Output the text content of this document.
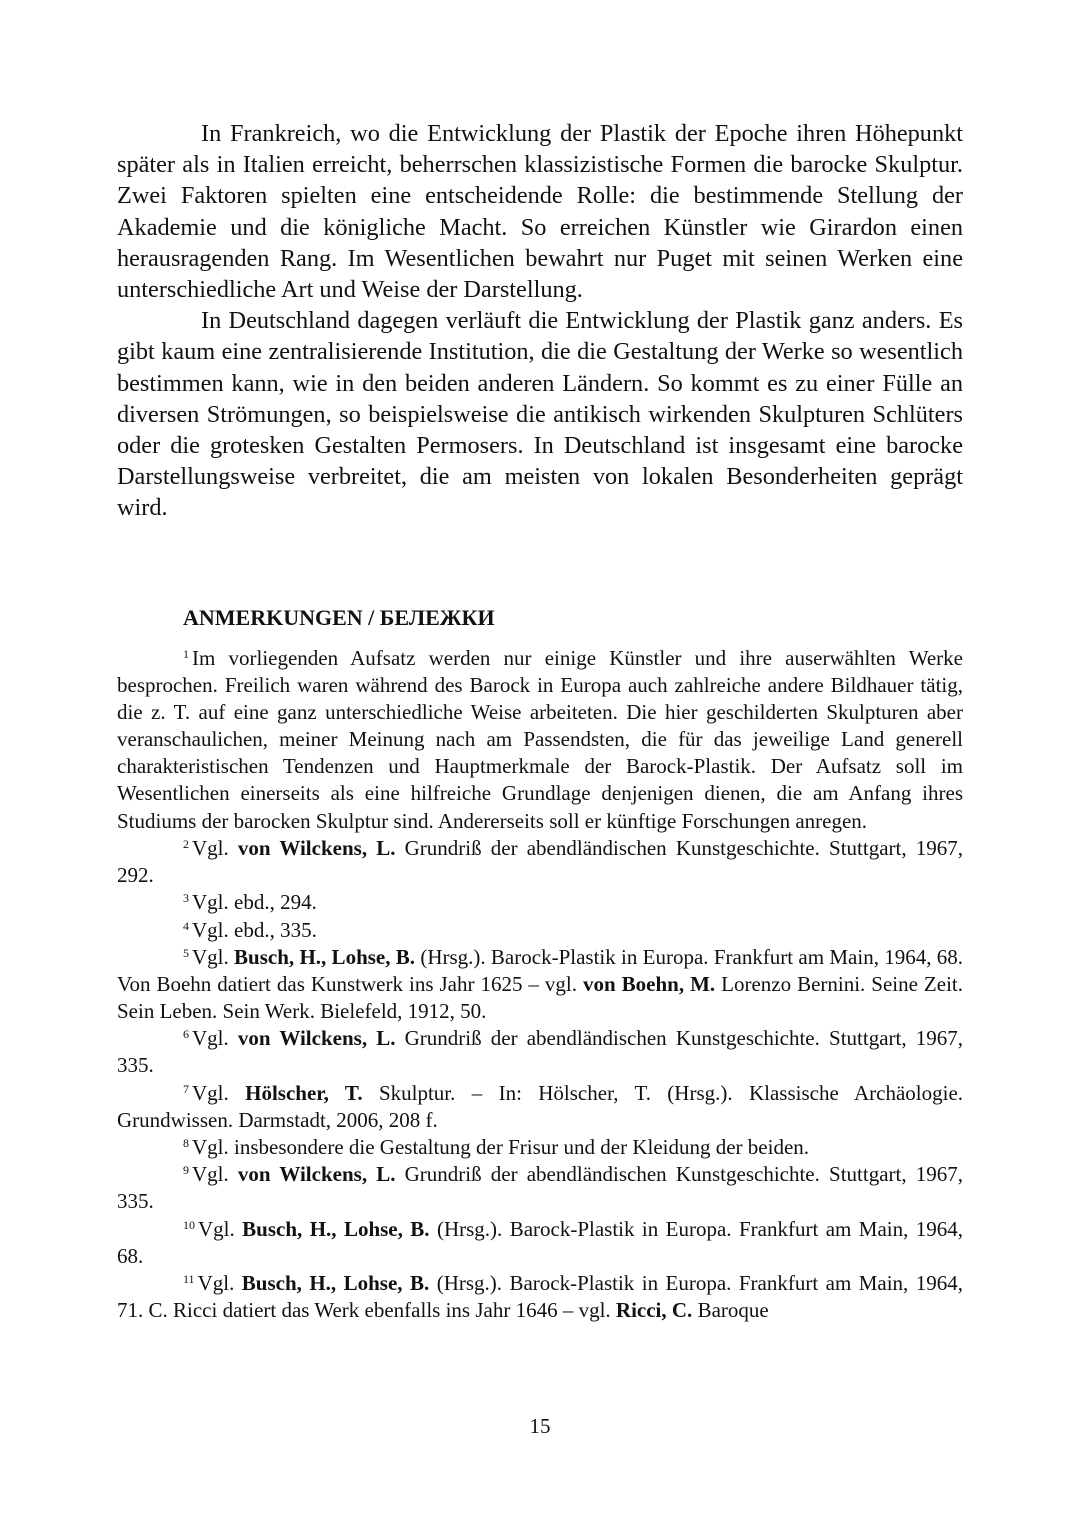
In Frankreich, wo die Entwicklung der Plastik der Epoche ihren Höhepunkt später als in Italien erreicht, beherrschen klassizistische Formen die barocke Skulptur. Zwei Faktoren spielten eine entscheidende Rolle: die bestimmende Stellung der Akademie und die königliche Macht. So erreichen Künstler wie Girardon einen herausragenden Rang. Im Wesentlichen bewahrt nur Puget mit seinen Werken eine unterschiedliche Art und Weise der Darstellung.

In Deutschland dagegen verläuft die Entwicklung der Plastik ganz anders. Es gibt kaum eine zentralisierende Institution, die die Gestaltung der Werke so wesentlich bestimmen kann, wie in den beiden anderen Ländern. So kommt es zu einer Fülle an diversen Strömungen, so beispielsweise die antikisch wirkenden Skulpturen Schlüters oder die grotesken Gestalten Permosers. In Deutschland ist insgesamt eine barocke Darstellungsweise verbreitet, die am meisten von lokalen Besonderheiten geprägt wird.

ANMERKUNGEN / БЕЛЕЖКИ

$^1$ Im vorliegenden Aufsatz werden nur einige Künstler und ihre auserwählten Werke besprochen. Freilich waren während des Barock in Europa auch zahlreiche andere Bildhauer tätig, die z. T. auf eine ganz unterschiedliche Weise arbeiteten. Die hier geschilderten Skulpturen aber veranschaulichen, meiner Meinung nach am Passendsten, die für das jeweilige Land generell charakteristischen Tendenzen und Hauptmerkmale der Barock-Plastik. Der Aufsatz soll im Wesentlichen einerseits als eine hilfreiche Grundlage denjenigen dienen, die am Anfang ihres Studiums der barocken Skulptur sind. Andererseits soll er künftige Forschungen anregen.

$^2$ Vgl. von Wilckens, L. Grundriß der abendländischen Kunstgeschichte. Stuttgart, 1967, 292.

$^3$ Vgl. ebd., 294.

$^4$ Vgl. ebd., 335.

$^5$ Vgl. Busch, H., Lohse, B. (Hrsg.). Barock-Plastik in Europa. Frankfurt am Main, 1964, 68. Von Boehn datiert das Kunstwerk ins Jahr 1625 – vgl. von Boehn, M. Lorenzo Bernini. Seine Zeit. Sein Leben. Sein Werk. Bielefeld, 1912, 50.

$^6$ Vgl. von Wilckens, L. Grundriß der abendländischen Kunstgeschichte. Stuttgart, 1967, 335.

$^7$ Vgl. Hölscher, T. Skulptur. – In: Hölscher, T. (Hrsg.). Klassische Archäologie. Grundwissen. Darmstadt, 2006, 208 f.

$^8$ Vgl. insbesondere die Gestaltung der Frisur und der Kleidung der beiden.

$^9$ Vgl. von Wilckens, L. Grundriß der abendländischen Kunstgeschichte. Stuttgart, 1967, 335.

$^{10}$ Vgl. Busch, H., Lohse, B. (Hrsg.). Barock-Plastik in Europa. Frankfurt am Main, 1964, 68.

$^{11}$ Vgl. Busch, H., Lohse, B. (Hrsg.). Barock-Plastik in Europa. Frankfurt am Main, 1964, 71. C. Ricci datiert das Werk ebenfalls ins Jahr 1646 – vgl. Ricci, C. Baroque

15
